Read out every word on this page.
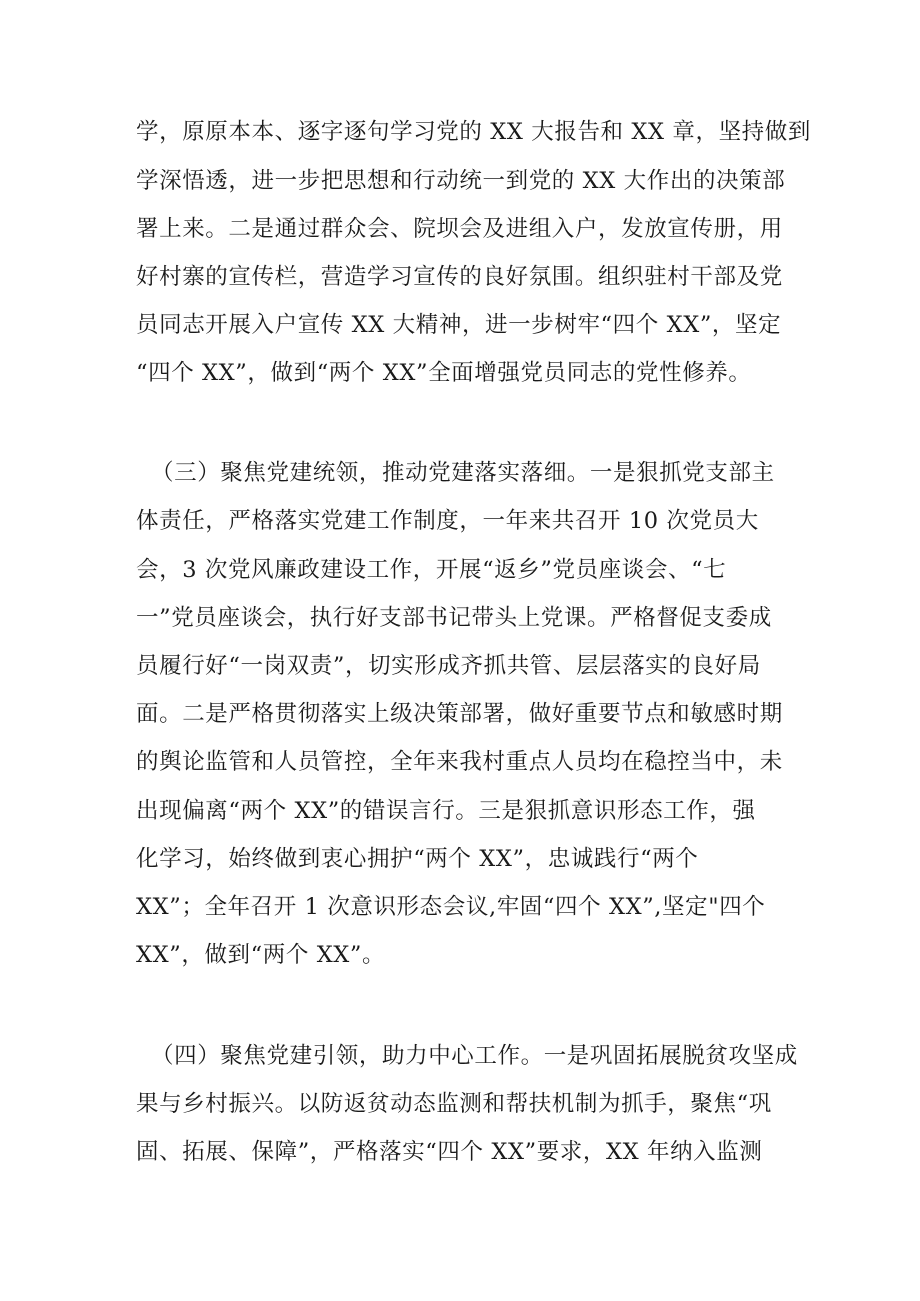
学，原原本本、逐字逐句学习党的 XX 大报告和 XX 章，坚持做到
学深悟透，进一步把思想和行动统一到党的 XX 大作出的决策部
署上来。二是通过群众会、院坝会及进组入户，发放宣传册，用
好村寨的宣传栏，营造学习宣传的良好氛围。组织驻村干部及党
员同志开展入户宣传 XX 大精神，进一步树牢“四个 XX”，坚定
“四个 XX”，做到“两个 XX”全面增强党员同志的党性修养。
（三）聚焦党建统领，推动党建落实落细。一是狠抓党支部主
体责任，严格落实党建工作制度，一年来共召开 10 次党员大
会，3 次党风廉政建设工作，开展“返乡”党员座谈会、“七
一”党员座谈会，执行好支部书记带头上党课。严格督促支委成
员履行好“一岗双责”，切实形成齐抓共管、层层落实的良好局
面。二是严格贯彻落实上级决策部署，做好重要节点和敏感时期
的舆论监管和人员管控，全年来我村重点人员均在稳控当中，未
出现偏离“两个 XX”的错误言行。三是狠抓意识形态工作，强
化学习，始终做到衷心拥护“两个 XX”，忠诚践行“两个
XX”；全年召开 1 次意识形态会议,牢固“四个 XX”,坚定"四个
XX”，做到“两个 XX”。
（四）聚焦党建引领，助力中心工作。一是巩固拓展脱贫攻坚成
果与乡村振兴。以防返贫动态监测和帮扶机制为抓手，聚焦“巩
固、拓展、保障”，严格落实“四个 XX”要求，XX 年纳入监测
